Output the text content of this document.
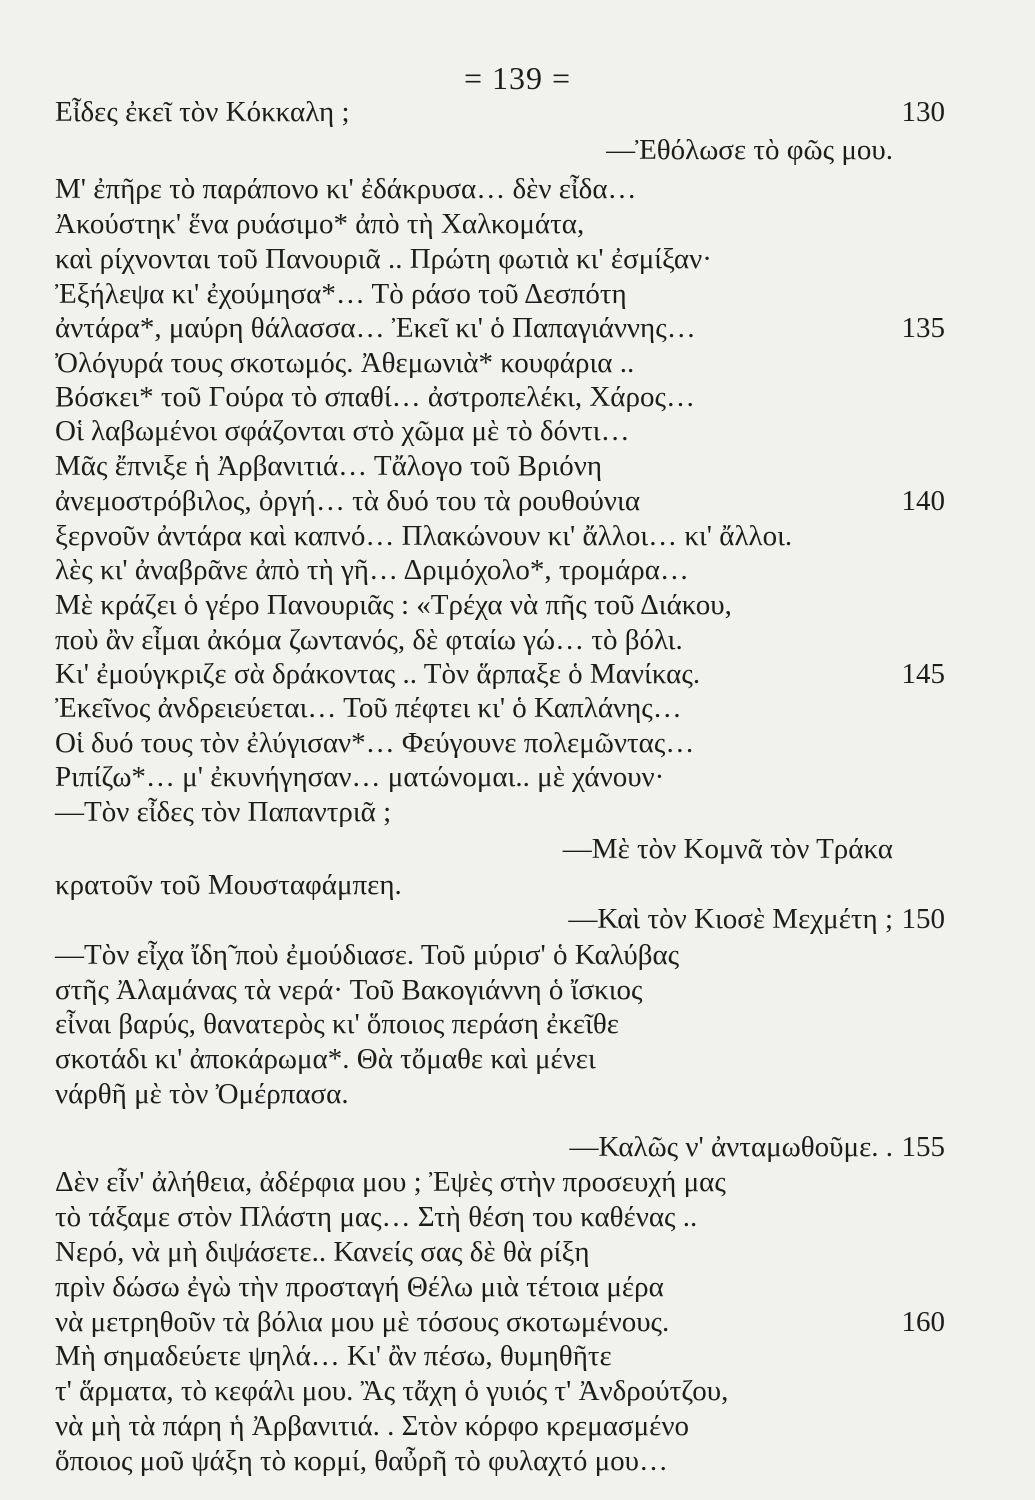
= 139 =
Εἶδες ἐκεῖ τὸν Κόκκαλη ;	130
—Ἐθόλωσε τὸ φῶς μου.
Μ' ἐπῆρε τὸ παράπονο κι' ἐδάκρυσα… δὲν εἶδα…
Ἀκούστηκ' ἕνα ρυάσιμο* ἀπὸ τὴ Χαλκομάτα,
καὶ ρίχνονται τοῦ Πανουριᾶ .. Πρώτη φωτιὰ κι' ἐσμίξαν·
Ἐξήλεψα κι' ἐχούμησα*… Τὸ ράσο τοῦ Δεσπότη
ἀντάρα*, μαύρη θάλασσα… Ἐκεῖ κι' ὁ Παπαγιάννης…	135
Ὀλόγυρά τους σκοτωμός. Ἀθεμωνιὰ* κουφάρια ..
Βόσκει* τοῦ Γούρα τὸ σπαθί… ἀστροπελέκι, Χάρος…
Οἱ λαβωμένοι σφάζονται στὸ χῶμα μὲ τὸ δόντι…
Μᾶς ἔπνιξε ἡ Ἀρβανιτιά… Τἄλογο τοῦ Βριόνη
ἀνεμοστρόβιλος, ὀργή… τὰ δυό του τὰ ρουθούνια	140
ξερνοῦν ἀντάρα καὶ καπνό… Πλακώνουν κι' ἄλλοι… κι' ἄλλοι.
λὲς κι' ἀναβρᾶνε ἀπὸ τὴ γῆ… Δριμόχολο*, τρομάρα…
Μὲ κράζει ὁ γέρο Πανουριᾶς : «Τρέχα νὰ πῆς τοῦ Διάκου,
ποὺ ἂν εἶμαι ἀκόμα ζωντανός, δὲ φταίω γώ… τὸ βόλι.
Κι' ἐμούγκριζε σὰ δράκοντας .. Τὸν ἅρπαξε ὁ Μανίκας.	145
Ἐκεῖνος ἀνδρειεύεται… Τοῦ πέφτει κι' ὁ Καπλάνης…
Οἱ δυό τους τὸν ἐλύγισαν*… Φεύγουνε πολεμῶντας…
Ριπίζω*… μ' ἐκυνήγησαν… ματώνομαι.. μὲ χάνουν·
—Τὸν εἶδες τὸν Παπαντριᾶ ;
—Μὲ τὸν Κομνᾶ τὸν Τράκα
κρατοῦν τοῦ Μουσταφάμπεη.
—Καὶ τὸν Κιοσὲ Μεχμέτη ; 150
—Τὸν εἶχα ἴδη̃ ποὺ ἐμούδιασε. Τοῦ μύρισ' ὁ Καλύβας
στῆς Ἀλαμάνας τὰ νερά· Τοῦ Βακογιάννη ὁ ἴσκιος
εἶναι βαρύς, θανατερὸς κι' ὅποιος περάση ἐκεῖθε
σκοτάδι κι' ἀποκάρωμα*. Θὰ τὄμαθε καὶ μένει
νάρθῆ μὲ τὸν Ὀμέρπασα.
—Καλῶς ν' ἀνταμωθοῦμε. . 155
Δὲν εἶν' ἀλήθεια, ἀδέρφια μου ; Ἐψὲς στὴν προσευχή μας
τὸ τάξαμε στὸν Πλάστη μας… Στὴ θέση του καθένας ..
Νερό, νὰ μὴ διψάσετε.. Κανείς σας δὲ θὰ ρίξη
πρὶν δώσω ἐγὼ τὴν προσταγή Θέλω μιὰ τέτοια μέρα
νὰ μετρηθοῦν τὰ βόλια μου μὲ τόσους σκοτωμένους.	160
Μὴ σημαδεύετε ψηλά… Κι' ἂν πέσω, θυμηθῆτε
τ' ἅρματα, τὸ κεφάλι μου. Ἂς τἄχη ὁ γυιός τ' Ἀνδρούτζου,
νὰ μὴ τὰ πάρη ἡ Ἀρβανιτιά. . Στὸν κόρφο κρεμασμένο
ὅποιος μοῦ ψάξη τὸ κορμί, θαὖρῆ τὸ φυλαχτό μου…
